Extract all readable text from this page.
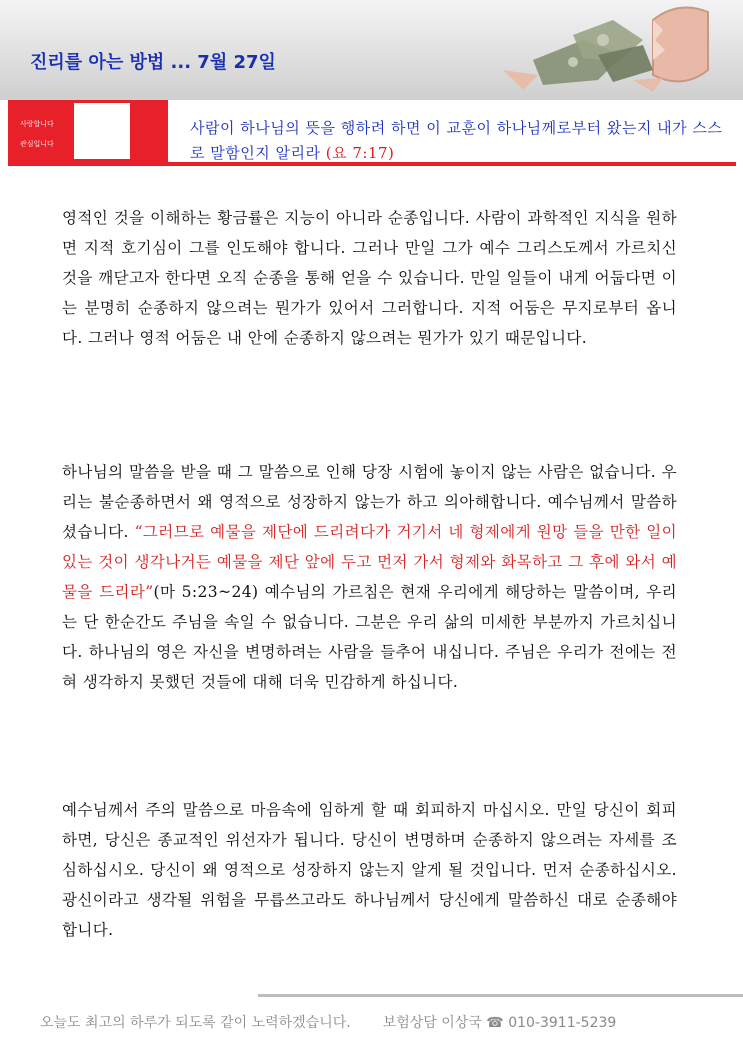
진리를 아는 방법 ... 7월 27일
사랑합니다
관심입니다
사람이 하나님의 뜻을 행하려 하면 이 교훈이 하나님께로부터 왔는지 내가 스스로 말함인지 알리라 (요 7:17)
영적인 것을 이해하는 황금률은 지능이 아니라 순종입니다. 사람이 과학적인 지식을 원하면 지적 호기심이 그를 인도해야 합니다. 그러나 만일 그가 예수 그리스도께서 가르치신 것을 깨닫고자 한다면 오직 순종을 통해 얻을 수 있습니다. 만일 일들이 내게 어둡다면 이는 분명히 순종하지 않으려는 뭔가가 있어서 그러합니다. 지적 어둠은 무지로부터 옵니다. 그러나 영적 어둠은 내 안에 순종하지 않으려는 뭔가가 있기 때문입니다.
하나님의 말씀을 받을 때 그 말씀으로 인해 당장 시험에 놓이지 않는 사람은 없습니다. 우리는 불순종하면서 왜 영적으로 성장하지 않는가 하고 의아해합니다. 예수님께서 말씀하셨습니다. “그러므로 예물을 제단에 드리려다가 거기서 네 형제에게 원망 들을 만한 일이 있는 것이 생각나거든 예물을 제단 앞에 두고 먼저 가서 형제와 화목하고 그 후에 와서 예물을 드리라”(마 5:23~24) 예수님의 가르침은 현재 우리에게 해당하는 말씀이며, 우리는 단 한순간도 주님을 속일 수 없습니다. 그분은 우리 삶의 미세한 부분까지 가르치십니다. 하나님의 영은 자신을 변명하려는 사람을 들추어 내십니다. 주님은 우리가 전에는 전혀 생각하지 못했던 것들에 대해 더욱 민감하게 하십니다.
예수님께서 주의 말씀으로 마음속에 임하게 할 때 회피하지 마십시오. 만일 당신이 회피하면, 당신은 종교적인 위선자가 됩니다. 당신이 변명하며 순종하지 않으려는 자세를 조심하십시오. 당신이 왜 영적으로 성장하지 않는지 알게 될 것입니다. 먼저 순종하십시오. 광신이라고 생각될 위험을 무릅쓰고라도 하나님께서 당신에게 말씀하신 대로 순종해야 합니다.
오늘도 최고의 하루가 되도록 같이 노력하겠습니다. 보험상담 이상국 ☎ 010-3911-5239
